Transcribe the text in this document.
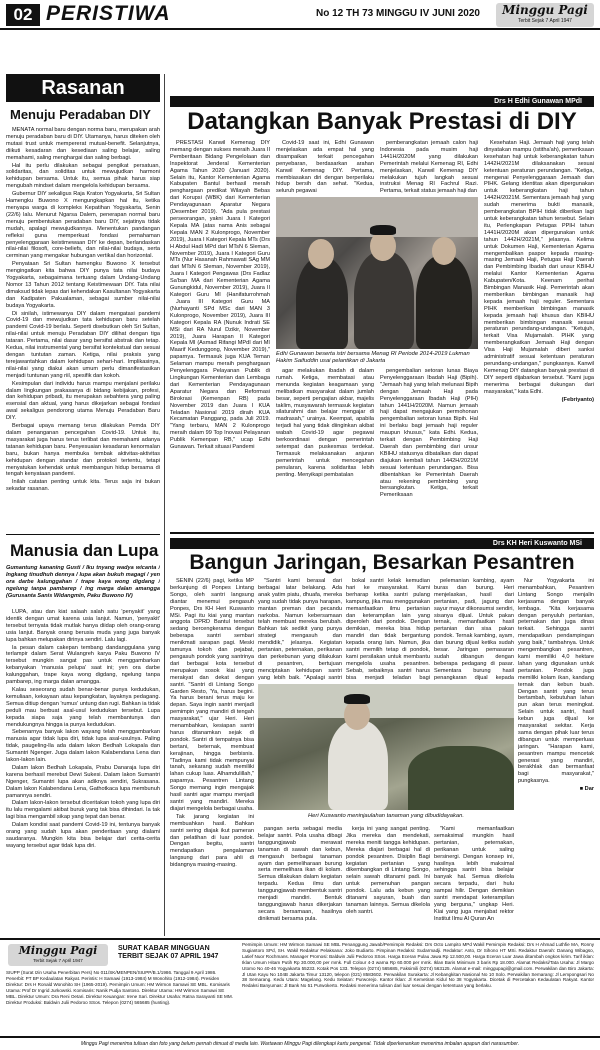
02 PERISTIWA	No 12 TH 73 MINGGU IV JUNI 2020	Minggu Pagi
Terbit Sejak 7 April 1947
Rasanan
Menuju Peradaban DIY

MENATA normal baru dengan norma baru, merupakan arah menuju peradaban baru di DIY. Utamanya, harus diteken oleh mutasi trust untuk mempererat mutual-benefit. Selanjutnya, diikuti kesadaran dan kesediaan saling belajar, saling memahami, saling menghargai dan saling berbagi.

Hal itu perlu dilakukan sebagai pengikat persatuan, solidaritas, dan soliditas untuk mewujudkan harmoni kehidupan bersama. Untuk itu, semua pihak harus siap mengubah mindset dalam mengelola kehidupan bersama.

Gubernur DIY sekaligus Raja Kraton Yogyakarta, Sri Sultan Hamengku Buwono X mengungkapkan hal itu, ketika menyapa warga di kompleks Kepatihan Yogyakarta, Senin (22/6) lalu. Menurut Ngarsa Dalem, penerapan normal baru menuju pembentukan peradaban baru DIY, sejatinya tidak mudah, apalagi mewujudkannya. Menentukan pandangan refleksi guna memperkuat fondasi pemahaman penyelenggaraan keistimewaan DIY ke depan, berlandaskan nilai-nilai filosofi, core-beliefs, dan nilai-nilai budaya, serta cerminan yang mengakar hubungan vertikal dan horizontal.

Penyataan Sri Sultan hamengku Buwono X tersebut mengingatkan kita bahwa DIY punya tata nilai budaya Yogyakarta, sebagaimana tertuang dalam Undang-Undang Nomor 13 Tahun 2012 tentang Keistimewaan DIY. Tata nilai dimaksud tidak lepas dari kehendakan Kasultanan Yogyakarta dan Kadipaten Pakualaman, sebagai sumber nilai-nilai budaya Yogyakarta.

Di sinilah, istimewanya DIY dalam mengatasi pandemi Covid-19 dan mewujudkan tata kehidupan baru setelah pandemi Covid-19 berlalu. Seperti disebutkan oleh Sri Sultan, nilai-nilai untuk menuju Peradaban DIY dilihat dengan tiga tataran. Pertama, nilai dasar yang bersifat abstrak dan tetap. Kedua, nilai instrumental yang bersifat kontekstual dan sesuai dengan tuntutan zaman. Ketiga, nilai praksis yang terejawantahkan dalam kehidupan sehari-hari. Implikasinya, nilai-nilai yang diakui akan umum perlu dimanifestasikan menjadi tuntunan yang riil, spesifik dan kokoh.

Kesimpulan dari individu harus mampu menjalani perilaku dalam lingkungan prakasanya di bidang kebijakan, profesi, dan kehidupan pribadi, itu merupakan sebahtera yang paling esensial dan aktual, yang harus dikejarkan sebagai fondasi awal sekaligus pendorong utama Menuju Peradaban Baru DIY.

Berbagai upaya memang terus dilakukan Pemda DIY dalam penanganan pencegahan Covid-19. Untuk itu, masyarakat juga harus terus terlibat dan memahami adanya tatanan kehidupan baru. Penyesuaian kesadaran kenormalan baru, bukan hanya membuka tembak aktivitas-aktivitas kehidupan dengan standar dan protokol tertentu, tetapi menyatukan kehendak untuk membangun hidup bersama di tengah kenyataan pandemi.

Inilah catatan penting untuk kita. Terus saja ini bukan sekadar rasanan.

Manusia dan Lupa
Gumantung kananing Gusti / Iku tnyang wadya wicanta / Ingkang tinudhuh dennya / lupa akan bukuh magagi / yen ora darbe kalunggahan / trape kaya wong digdang / ngelung tanpa pambarep / ing marga dalan amangga (Gurusanta Sanis Widangmin, Paku Buwono IV)

LUPA, atau dan kiat salaah salah satu 'penyakit' yang identik dengan umat karena usia lanjut. Namun, 'penyakit' tersebut ternyata tidak mutlak hanya diidap oleh orang-orang usia lanjut. Banyak orang berusia muda yang juga banyak lupa bahkan melupakan dirinya sendiri. Lalu lagi.

Ia pesan dalam cakepan tembang dandanggulana yang terlampir dalam Serat Wulangreh karya Paku Buwono IV tersebut mungkin sangat pas untuk menggambarkan kebanyakan 'manusia pelupa' saat ini; yen ora darbe kalunggahan, trape kaya wong digdang, ngelung tanpa pambarep, ing marga dalan amangga.

Kalau seseorang sudah benar-benar punya kedudukan, kemuliaan, kekayaan atau kepangkatan, layaknya pedagang. Semua ditiup dengan 'rumus' untung dan rugi. Bahkan ia tidak peduli mau berbuat asal-usul kedudukan tersebut. Lupa kepada siapa saja yang telah membantunya dan mendukungnya hingga ia punya kedudukan.

Sebenarnya banyak lakon wayang telah menggambarkan manusia agar tidak lupa diri, tidak lupa asal-usulnya. Paling tidak, paugeling-lla ada dalam lakon Bedhah Lokapala dan Sumantri Ngenger. Juga dalam lakon Kalabendana Lena dan lakon-lakon lain.

Dalam lakon Bedhah Lokapala, Prabu Danaraja lupa diri karena berhasil merebut Dewi Sukesi. Dalam lakon Sumantri Ngenger, Sumantri lupa akan adiknya sendiri, Sukrasana. Dalam lakon Kalabendana Lena, Gathotkaca lupa membunuh pamannya sendiri.

Dalam lakon-lakon tersebut diceritakan tokoh yang lupa diri itu lalu mengalami akibat buruk yang tak bisa dihindari. Ia tak lagi bisa mengambil sikap yang tepat dan benar.

Dalam kondisi saat pandemi Covid-19 ini, tentunya banyak orang yang sudah lupa akan penderitaan yang dialami saudaranya. Mungkin kita bisa belajar dari cerita-cerita wayang tersebut agar tidak lupa diri.

Drs H Edhi Gunawan MPdI
Datangkan Banyak Prestasi di DIY

PRESTASI Kanwil Kemenag DIY memang dengan sukses meraih Juara II Pemberitaan Bidang Pengelolaan dan Inspektorat Jenderal Kementerian Agama Tahun 2020 (Januari 2020). Selain itu, Kantor Kementerian Agama Kabupaten Bantul berhasil meraih penghargaan predikat Wilayah Bebas dari Korupsi (WBK) dari Kementerian Pendayagunaan Aparatur Negara (Desember 2019). "Ada pula prestasi perseorangan, yakni Juara I Kategori Kepala MA (atas nama Anis sebagai Kepala MAN 2 Kulonprogo, November 2019), Juara I Kategori Kepala MTs (Drs H Abdul Hadi MPd dari MTsN 6 Sleman, November 2019), Juara I Kategori Guru MTs (Nur Hasanah Rahmawati SAg MM dari MTsN 6 Sleman, November 2019), Juara I Kategori Pengawas (Drs Fadlaz Sa'ban MA dari Kementerian Agama Gunungkidul, November 2019), Juara II Kategori Guru MI (Hanifaturrohmah

Covid-19 saat ini, Edhi Gunawan menjelaskan ada empat hal yang disampaikan terkait pencegahan penyebaran, berdasarkan arahan Kanwil Kemenag DIY. Pertama, membiasakan diri dengan berperilaku hidup bersih dan sehat. "Kedua, seluruh pegawai

pemberangkatan jemaah calon haji Indonesia pada musim haji 1441H/2020M yang dilakukan Pemerintah melalui Kemenag RI, Edhi menjelaskan, Kanwil Kemenag DIY melakukan tujuh langkah sesuai instruksi Menag RI Fachrul Razi. Pertama, terkait status jemaah haji dan

Kesehatan Haji. Jemaah haji yang telah dinyatakan mampu (istitha'ah), pemeriksaan kesehatan haji untuk keberangkatan tahun 1442H/2021M dilaksanakan sesuai ketentuan peraturan perundangan. "Ketiga, mengenai Penyelenggaraan Jemaah dan PIHK. Gelang identitas akan dipergunakan untuk keberangkatan haji tahun 1442H/2021M. Sementara jemaah haji yang sudah menerima bukti manasik, pemberangkatan BPIH tidak diberikan lagi untuk keberangkatan tahun tersebut. Selain itu, Perlengkapan Petugas PPIH tahun 1441H/2020M akan dipergunakan untuk tahun 1442H/2021M," jelasnya. Kelima untuk Dokumen Haji, Kementerian Agama mengembalikan paspor kepada masing-masing Jemaah Haji, Petugas Haji Daerah dan Pembimbing Ibadah dari unsur KBIHU melalui Kantor Kementerian Agama Kabupaten/Kota. Keenam perihal Bimbingan Manasik Haji. Pemerintah akan memberikan bimbingan manasik haji kepada jemaah haji reguler. Sementara PIHK memberikan bimbingan manasik kepada jemaah haji khusus dan KBIHU memberikan bimbingan manasik sesuai peraturan perundang-undangan. "Ketujuh, terkait Visa Mujamalah. PIHK yang memberangkatkan Jemaah Haji dengan Visa Haji Mujamalah diberi sanksi administratif sesuai ketentuan peraturan perundang-undangan," pungkasnya. Kanwil Kemenag DIY datangkan banyak prestasi di DIY seperti dijabarkan tersebut. "Kami juga menerima berbagai dukungan dari masyarakat," kata Edhi.

(Febriyanto)

Edhi Gunawan beserta istri bersama Menag RI Periode 2014-2019 Lukman Hakim Saifuddin usai pelantikan di Jakarta

Juara III Kategori Guru MA (Nurhayanti SPd MSc dari MAN 3 Kulonprogo, November 2019), Juara III Kategori Kepala RA (Nunuk Indrati SE MSi dari RA Nurul Dzikir, November 2019), Juara Harapan II Kategori Kepala MI (Asmad Rifangi MPdI dari MI Maarif Kedunggong, November 2019)," paparnya. Termasuk juga KUA Teman Selaman mampu meraih penghargaan Penyelenggara Pelayanan Publik di Lingkungan Kementerian dan Lembaga dari Kementerian Pendayagunaan Aparatur Negara dan Reformasi Birokrasi (Kemenpan RB) pada November 2019 dan Juara I KUA Teladan Nasional 2019 diraih KUA Kecamatan Panggang, pada Juli 2019. "Yang terbaru, MAN 2 Kulonprogo meraih dalam 99 Top Inovasi Pelayanan Publik Kemenpan RB," ucap Edhi Gunawan. Terkait situasi Pandemi

agar melakukan ibadah di dalam rumah. Ketiga, membatasi atau menunda kegiatan keagamaan yang melibatkan masyarakat dalam jumlah besar, seperti pengajian akbar, majelis taklim, musyawarah termasuk kegiatan silaturahmi dan belajar mengajar di madrasah," urainya. Keempat, apabila terjadi hal yang tidak diinginkan akibat wabah Covid-19 agar pegawai berkoordinasi dengan pemerintah setempat dan puskesmas terdekat. Termasuk melaksanakan anjuran pemerintah untuk mencegahan penularan, karena solidaritas lebih penting. Menyikapi pembatalan

pengembalian setoran lunas Biaya Penyelenggaraan Ibadah Haji (Bipih). "Jemaah haji yang telah melunasi Bipih dengan Jemaah Haji pada Penyelenggaraan Ibadah Haji (PIH) tahun 1441H/2020M. Namun jemaah haji dapat mengajukan permohonan pengembalian setoran lunas Bipih. Hal ini berlaku bagi jemaah haji reguler maupun khusus," kata Edhi. Kedua, terkait dengan Pembimbing Haji Daerah dan pembimbing dari unsur KBIHU statusnya dibatalkan dan dapat diajukan kembali tahun 1442H/2021M sesuai ketentuan perundangan. Bisa dibentahkan ke Pemerintah Daerah atau rekening pembimbing yang bersangkutan. Ketiga, terkait Pemeriksaan

Drs KH Heri Kuswanto MSi
Bangun Jaringan, Besarkan Pesantren

SENIN (22/6) pagi, ketika MP berkunjung di Ponpes Lintang Songo, oleh santri langsung diantar menemui pengasuh Ponpes, Drs KH Heri Kuswanto MSi. Pagi itu kiai yang mantan anggota DPRD Bantul tersebut sedang bercengkerama dengan beberapa santri sembari menikmati sarapan pagi. Meski tamunya tokoh dan pejabat, pengasuh pondok yang santrinya dari berbagai kota tersebut merupakan sosok kiai yang merakyat dan dekat dengan santri. "Santri di Lintang Songo Garden Resto, 'Ya, harus begini. Ya harus berani terus maju ke depan. Saya ingin santri menjadi pemimpin yang mandiri di tengah masyarakat," ujar Heri. Heri menambahkan, kesiapan santri harus ditanamkan sejak di pondok. Santri di tempatnya bisa bertani, beternak, membuat kerajinan, hingga berbisnis. "Tadinya kami tidak mempunyai tanah, sekarang sudah memiliki lahan cukup luas. Alhamdulillah," paparnya. Pesantren Lintang Songo memang ingin mengajak hasil santri agar mampu menjadi santri yang mandiri. Mereka diajari mengelola berbagai usaha.

Tak jarang kegiatan ini membuahkan hasil. Bahkan santri sering diajak ikut pameran dan pelatihan di luar pondok. Dengan begitu, santri mendapatkan pengalaman langsung dari para ahli di bidangnya masing-masing.

"Santri kami berasal dari berbagai latar belakang. Ada anak yatim piatu, dhuafa, mereka yang sudah tidak punya harapan, mantan preman dan pecandu narkoba. Namun kebersamaan telah membuat mereka berubah. Bahkan tak sedikit yang punya strategi mengasuh dan mendidik," jelasnya. Kegiatan pertanian, peternakan, perikanan dan perkebunan yang dilakukan di pesantren, bertujuan menciptakan kehidupan santri yang lebih baik. "Apalagi santri

bokal santri kelak kemudian hari ke masyarakat. Kami berharap ketika santri pulang kampung, jika mau menggunakan memanfaatkan ilmu pertanian dan keterampilan lain yang diperoleh dari pondok. Dengan demikian, mereka bisa hidup mandiri dan tidak bergantung kepada orang lain. Namun, jika santri memilih tetap di pondok, kami persilakan untuk membantu mengelola usaha pesantren. Sebab, sebaiknya santri harus bisa menjadi teladan bagi

pelemanian kambing, ayam buras dan burung. Heri menjelaskan, hasil dari pertanian, padi, jagung dan sayur mayur dikonsumsi sendiri, sisanya dijual. Untuk pakan ternak, memanfaatkan hasil pertanian dan sisa pakan pondok. Ternak kambing, ayam, dan burung dijual ketika sudah besar. Jaringan pemasaran sudah dibangun dengan beberapa pedagang di pasar. Sementara burung hasil penangkaran dijual kepada

Nur Yogyakarta ini menambahkan, Pesantren Lintang Songo menjalin kerjasama dengan banyak lembaga. "Kita kerjasama dengan penyuluh pertanian, peternakan dan juga dinas terkait. Sehingga santri mendapatkan pendampingan yang baik," tambahnya. Untuk mengembangkan pesantren, kami memiliki 4,0 hektare lahan yang digunakan untuk pertanian. Pondok juga memiliki kolam ikan, kandang ternak dan kebun buah. Dengan santri yang terus bertambah, kebutuhan lahan pun akan terus meningkat. Selain untuk santri, hasil kebun juga dijual ke masyarakat sekitar. Kerja sama dengan pihak luar terus dibangun untuk memperluas jaringan. "Harapan kami, pesantren mampu mencetak generasi yang mandiri, berakhlak dan bermanfaat bagi masyarakat," pungkasnya.

■ Dar

Heri Kuswanto meninjaulahan tanaman yang dibudidayakan.

pangan serta sebagai media belajar santri. Pola usaha dibagi tanggungjawab merawat tanaman di sawah dan kebun, mengasuh berbagai tanaman ayam dan pemeliharaan burung serta memelihara ikan di kolam. Semua dilakukan dalam kegiatan terpadu. Kedua ilmu dan tanggungjawab membentuk santri menjadi mandiri. Bentuk tanggungjawab harus dikerjakan secara bersamaan, hasilnya dinikmati bersama pula.

kerja ini yang sangat penting. Jika mereka dan mendekati, mereka meniti tangga kehidupan. Mereka diajari berbagai hal di pondok pesantren. Disiplin Bagi kegiatan pertanian yang dikembangkan di Lintang Songo, selain sawah ditanami padi. Ini untuk pemenuhan pangan pondok. Lalu ada kebun yang ditanami sayuran, buah dan tanaman lainnya. Semua dikelola oleh santri.

"Kami memanfaatkan semaksimal mungkin hasil pertanian, peternakan, perikanan untuk saling bersinergi. Dengan konsep ini, hasilnya lebih maksimal sehingga santri bisa belajar banyak hal. Semua dikelola secara terpadu, dari hulu sampai hilir. Dengan demikian santri mendapat keterampilan yang berguna," ungkap Heri. Kiai yang juga menjabat rektor Institut Ilmu Al Quran An

Minggu Pagi
Terbit Sejak 7 April 1947
SURAT KABAR MINGGUAN TERBIT SEJAK 07 APRIL 1947
SIUPP (Surat Izin Usaha Penerbitan Pers) No 011/SK/MENPEN/SIUPP/B.1/1986. Tanggal 9 April 1986. Penerbit: PT BP Kedaulatan Rakyat. Perintis: H Samawi (1913-1984) M Wonohito (1912-1984). Presiden Direktur: Drs H Ronald Wonohito SH (1965-2019). Pemimpin Umum: HM Wirmon Samawi SE MBL. Komisaris Utama: Prof Dr Ingrid Jurkowski. Komisaris: Nanik Pudja Santoso. Direktur Utama: HM Wirmon Samawi SE MBL. Direktur Umum: Dra Reni Oetari. Direktur Keuangan: Irene Sari. Direktur Usaha: Ratna Sarayanti SE MM. Direktur Produksi: Baldwin Julii Pedoroo SSos. Telepon (0274) 565685 (hunting).
Pemimpin Umum: HM Wirmon Samawi SE MBL Penanggung Jawab/Pemimpin Redaksi: Drs Octo Lampito MPd Wakil Pemimpin Redaksi: Drs H Ahmad Luthfie MA, Ronny Sugiantoro SPd, SH. Wakil Redaktur Pelaksana: Joko Budiarto. Pimpinan Redaksi: Sudarmadji. Redaktur: Anto, Dr Sihono HT MSi. Redaktur Daerah: Danang Wibagso, Latief Nuor Rochmans. Manager Promosi: Baldwin Julii Pedoroo SSos. Harga Eceran Pulau Jawa Rp 12.500,00. Harga Eceran Luar Jawa ditambah ongkos kirim. Tarif iklan: Iklan Umum Hitam Putih Rp 30.000,00 per mmk. Full Colour 4-3 warna Rp 60.000 per mmk. Iklan Baris Minimum 3 baris Rp 18.000. Alamat Redaksi/Tata Usaha: Jl Margo Utomo No 40-46 Yogyakarta 55233. Kotak Pos 133. Telepon (0274) 565685, Faksimili (0274) 563125. Alamat e-mail: minggupagi@gmail.com. Perwakilan dan Biro Jakarta: Jl Utan Kayu No 104B Jakarta Timur 13120, telepon (021) 8583602. Perwakilan Surakarta: Jl Kebangkitan Nasional No 10 Solo. Perwakilan Semarang: Jl Lempongsari No 38 Semarang. Kedu Utara: Magelang. Kedu Selatan: Purworejo. Kantor Iklan: Jl Kemetiran Kidul No 38 Yogyakarta. Dicetak di Percetakan Kedaulatan Rakyat. Kantor Redaksi Banyumas: Jl Bank No 51 Purwokerto. Redaksi menerima tulisan dari luar sesuai dengan ketentuan yang berlaku.
Minggu Pagi menerima tulisan dan foto yang belum pernah dimuat di media lain. Wartawan Minggu Pagi dilengkapi kartu pengenal. Tidak diperkenankan menerima imbalan apapun dari narasumber.
